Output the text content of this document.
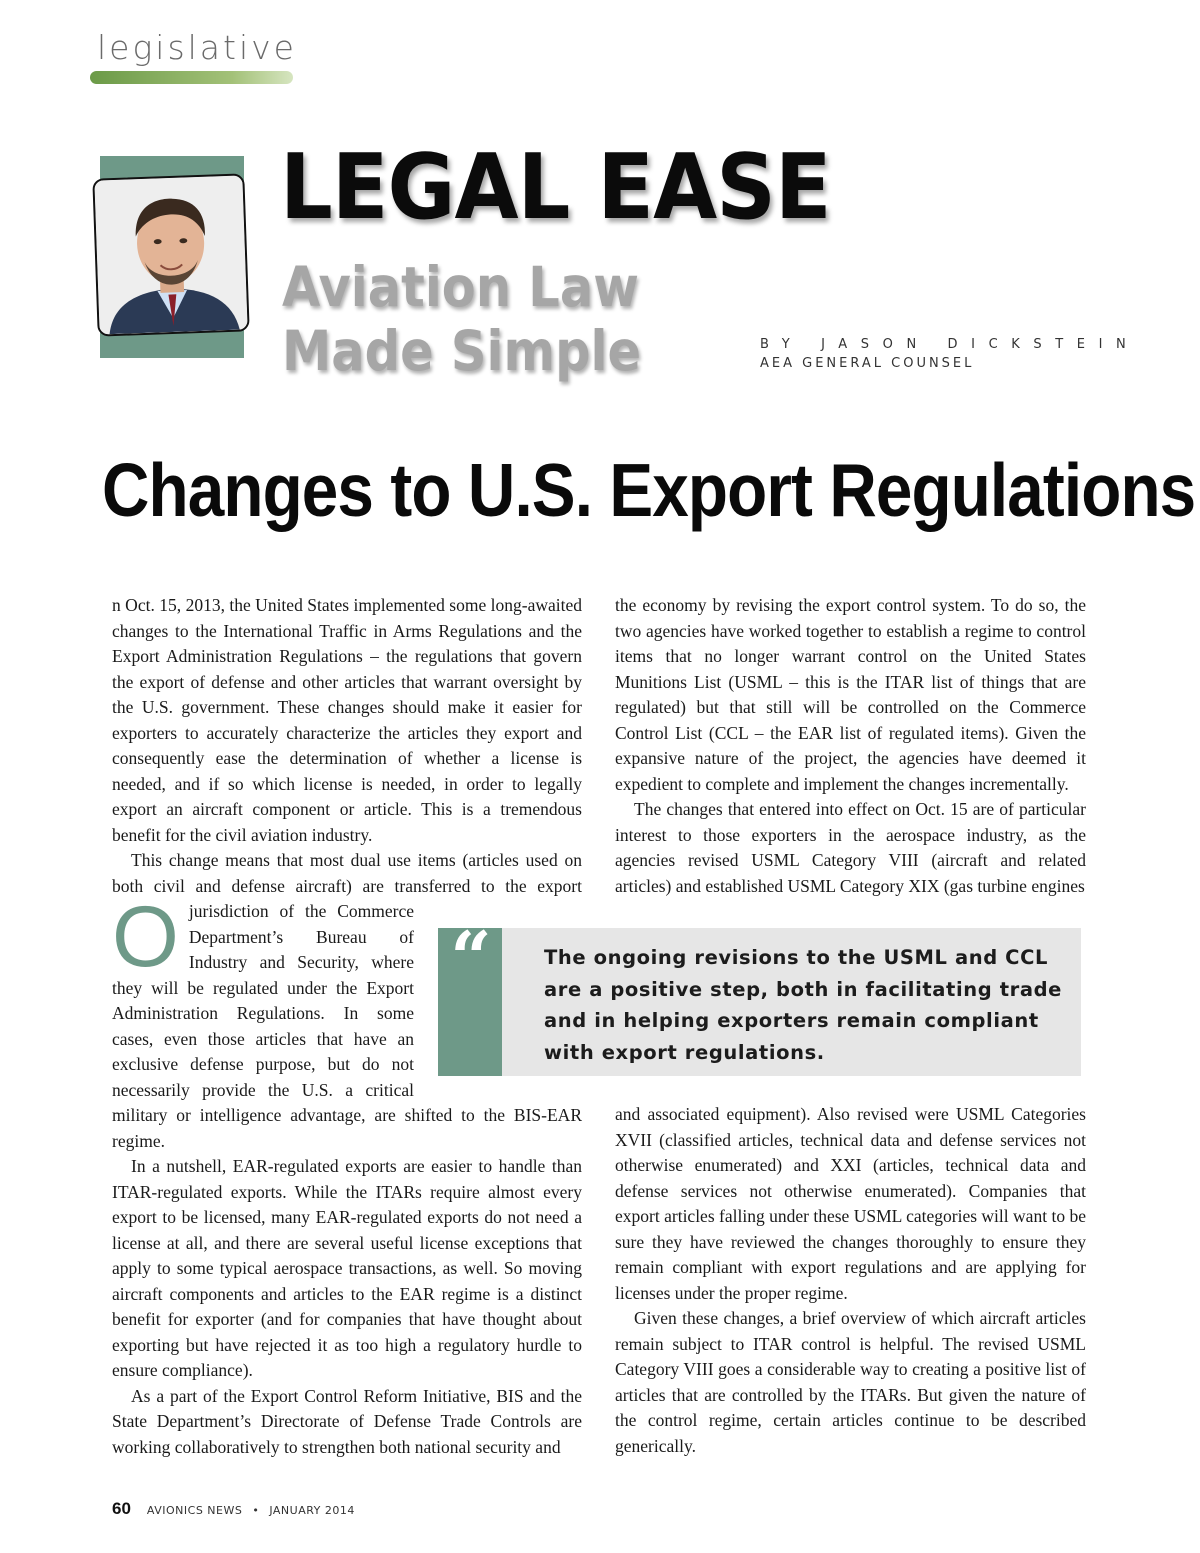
legislative
LEGAL EASE
Aviation Law
Made Simple	BY JASON DICKSTEIN
AEA GENERAL COUNSEL
Changes to U.S. Export Regulations

O
n Oct. 15, 2013, the United States implemented some long-awaited changes to the International Traffic in Arms Regulations and the Export Administration Regulations – the regulations that govern the export of defense and other articles that warrant oversight by the U.S. government. These changes should make it easier for exporters to accurately characterize the articles they export and consequently ease the determination of whether a license is needed, and if so which license is needed, in order to legally export an aircraft component or article. This is a tremendous benefit for the civil aviation industry.

This change means that most dual use items (articles used on both civil and defense aircraft) are transferred to the export jurisdiction of the Commerce Department’s Bureau of Industry and Security, where they will be regulated under the Export Administration Regulations. In some cases, even those articles that have an exclusive defense purpose, but do not necessarily provide the U.S. a critical military or intelligence advantage, are shifted to the BIS-EAR regime.

In a nutshell, EAR-regulated exports are easier to handle than ITAR-regulated exports. While the ITARs require almost every export to be licensed, many EAR-regulated exports do not need a license at all, and there are several useful license exceptions that apply to some typical aerospace transactions, as well. So moving aircraft components and articles to the EAR regime is a distinct benefit for exporter (and for companies that have thought about exporting but have rejected it as too high a regulatory hurdle to ensure compliance).

As a part of the Export Control Reform Initiative, BIS and the State Department’s Directorate of Defense Trade Controls are working collaboratively to strengthen both national security and

the economy by revising the export control system. To do so, the two agencies have worked together to establish a regime to control items that no longer warrant control on the United States Munitions List (USML – this is the ITAR list of things that are regulated) but that still will be controlled on the Commerce Control List (CCL – the EAR list of regulated items). Given the expansive nature of the project, the agencies have deemed it expedient to complete and implement the changes incrementally.

The changes that entered into effect on Oct. 15 are of particular interest to those exporters in the aerospace industry, as the agencies revised USML Category VIII (aircraft and related articles) and established USML Category XIX (gas turbine engines

“	The ongoing revisions to the USML and CCL are a positive step, both in facilitating trade and in helping exporters remain compliant with export regulations.

and associated equipment). Also revised were USML Categories XVII (classified articles, technical data and defense services not otherwise enumerated) and XXI (articles, technical data and defense services not otherwise enumerated). Companies that export articles falling under these USML categories will want to be sure they have reviewed the changes thoroughly to ensure they remain compliant with export regulations and are applying for licenses under the proper regime.

Given these changes, a brief overview of which aircraft articles remain subject to ITAR control is helpful. The revised USML Category VIII goes a considerable way to creating a positive list of articles that are controlled by the ITARs. But given the nature of the control regime, certain articles continue to be described generically.

60 AVIONICS NEWS • JANUARY 2014
